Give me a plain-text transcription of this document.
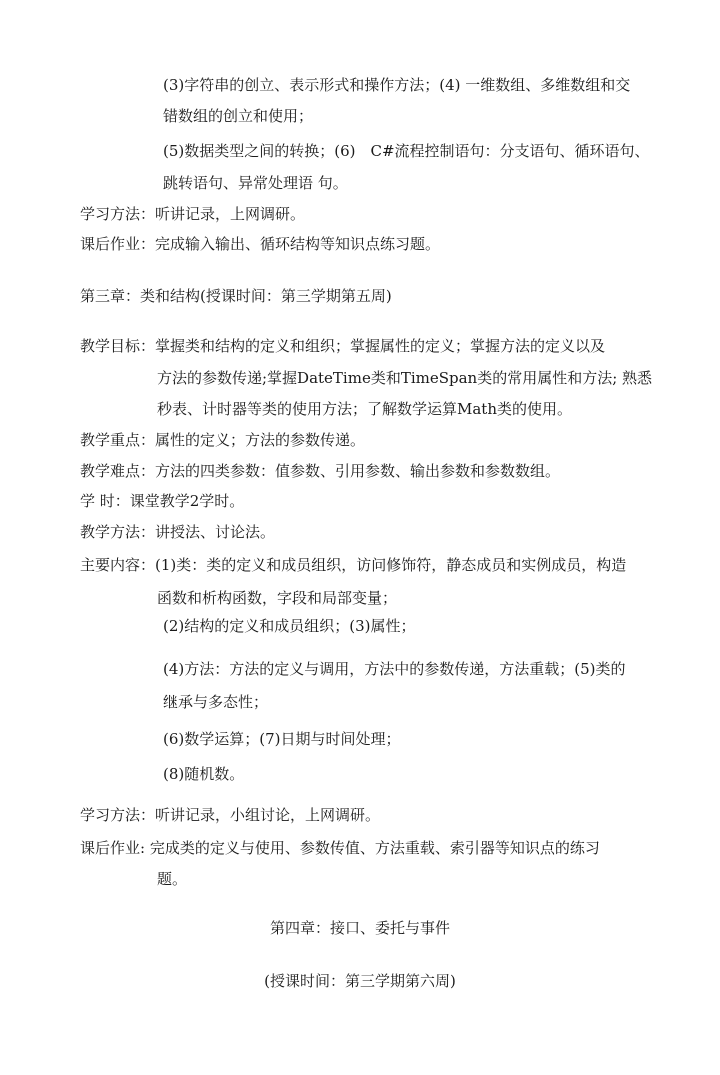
(3)字符串的创立、表示形式和操作方法；(4) 一维数组、多维数组和交
错数组的创立和使用；
(5)数据类型之间的转换；(6)　C#流程控制语句：分支语句、循环语句、
跳转语句、异常处理语 句。
学习方法：听讲记录，上网调研。
课后作业：完成输入输出、循环结构等知识点练习题。
第三章：类和结构(授课时间：第三学期第五周)
教学目标：掌握类和结构的定义和组织；掌握属性的定义；掌握方法的定义以及
方法的参数传递;掌握DateTime类和TimeSpan类的常用属性和方法; 熟悉
秒表、计时器等类的使用方法；了解数学运算Math类的使用。
教学重点：属性的定义；方法的参数传递。
教学难点：方法的四类参数：值参数、引用参数、输出参数和参数数组。
学 时：课堂教学2学时。
教学方法：讲授法、讨论法。
主要内容：(1)类：类的定义和成员组织，访问修饰符，静态成员和实例成员，构造
函数和析构函数，字段和局部变量；
(2)结构的定义和成员组织；(3)属性；
(4)方法：方法的定义与调用，方法中的参数传递，方法重载；(5)类的
继承与多态性；
(6)数学运算；(7)日期与时间处理；
(8)随机数。
学习方法：听讲记录，小组讨论，上网调研。
课后作业: 完成类的定义与使用、参数传值、方法重载、索引器等知识点的练习
题。
第四章：接口、委托与事件
(授课时间：第三学期第六周)
